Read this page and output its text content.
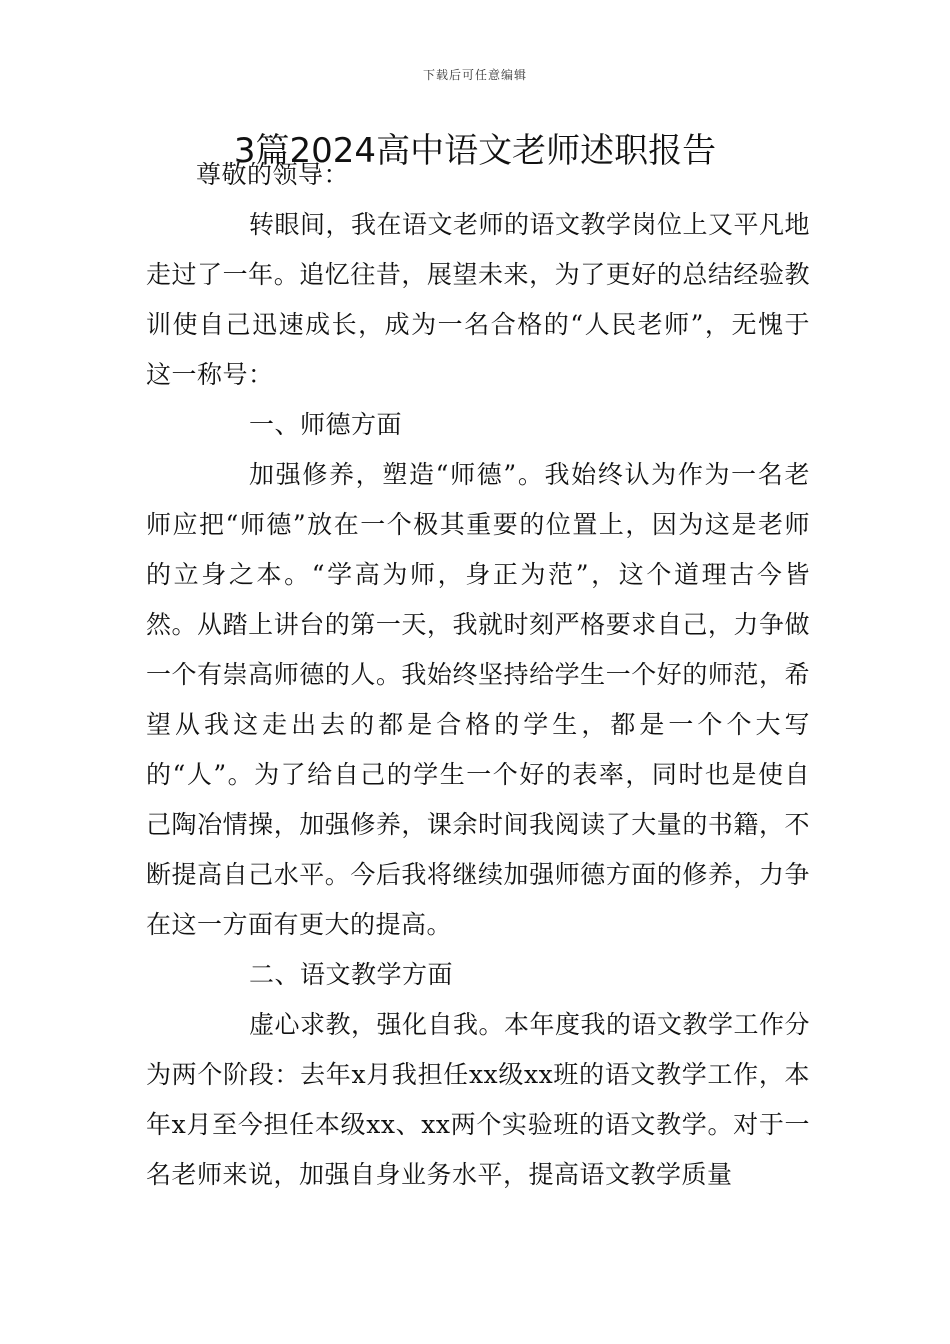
下载后可任意编辑
3篇2024高中语文老师述职报告

尊敬的领导：

转眼间，我在语文老师的语文教学岗位上又平凡地走过了一年。追忆往昔，展望未来，为了更好的总结经验教训使自己迅速成长，成为一名合格的“人民老师”，无愧于这一称号：

一、师德方面

加强修养，塑造“师德”。我始终认为作为一名老师应把“师德”放在一个极其重要的位置上，因为这是老师的立身之本。“学高为师，身正为范”，这个道理古今皆然。从踏上讲台的第一天，我就时刻严格要求自己，力争做一个有崇高师德的人。我始终坚持给学生一个好的师范，希望从我这走出去的都是合格的学生，都是一个个大写的“人”。为了给自己的学生一个好的表率，同时也是使自己陶冶情操，加强修养，课余时间我阅读了大量的书籍，不断提高自己水平。今后我将继续加强师德方面的修养，力争在这一方面有更大的提高。

二、语文教学方面

虚心求教，强化自我。本年度我的语文教学工作分为两个阶段：去年x月我担任xx级xx班的语文教学工作，本年x月至今担任本级xx、xx两个实验班的语文教学。对于一名老师来说，加强自身业务水平，提高语文教学质量
